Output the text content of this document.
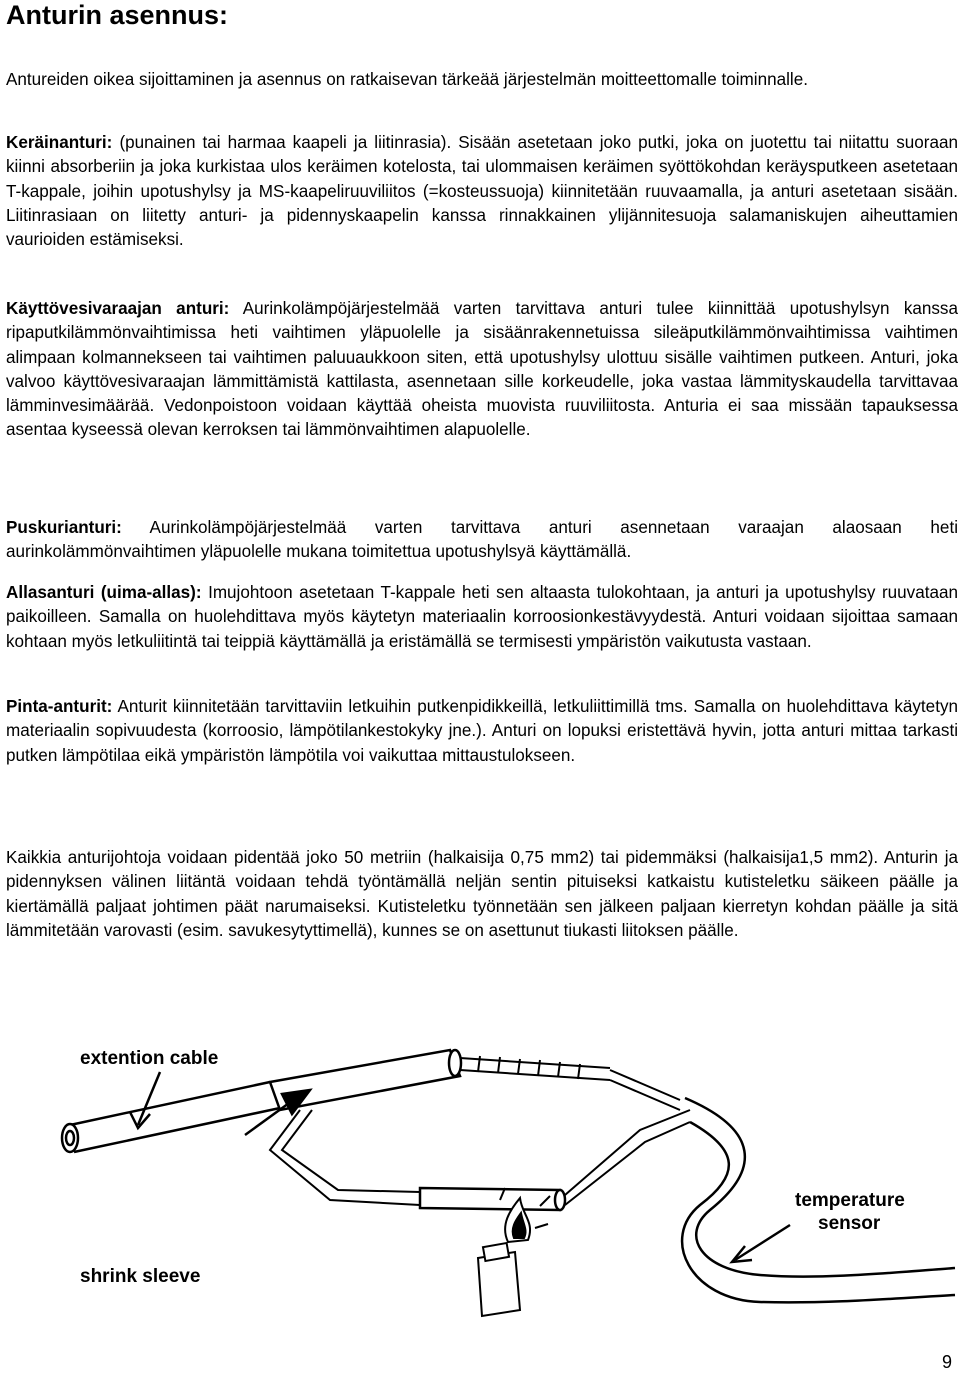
Anturin asennus:

Antureiden oikea sijoittaminen ja asennus on ratkaisevan tärkeää järjestelmän moitteettomalle toiminnalle.

Keräinanturi: (punainen tai harmaa kaapeli ja liitinrasia). Sisään asetetaan joko putki, joka on juotettu tai niitattu suoraan kiinni absorberiin ja joka kurkistaa ulos keräimen kotelosta, tai ulommaisen keräimen syöttökohdan keräysputkeen asetetaan T-kappale, joihin upotushylsy ja MS-kaapeliruuviliitos (=kosteussuoja) kiinnitetään ruuvaamalla, ja anturi asetetaan sisään. Liitinrasiaan on liitetty anturi- ja pidennyskaapelin kanssa rinnakkainen ylijännitesuoja salamaniskujen aiheuttamien vaurioiden estämiseksi.

Käyttövesivaraajan anturi: Aurinkolämpöjärjestelmää varten tarvittava anturi tulee kiinnittää upotushylsyn kanssa ripaputkilämmönvaihtimissa heti vaihtimen yläpuolelle ja sisäänrakennetuissa sileäputkilämmönvaihtimissa vaihtimen alimpaan kolmannekseen tai vaihtimen paluuaukkoon siten, että upotushylsy ulottuu sisälle vaihtimen putkeen. Anturi, joka valvoo käyttövesivaraajan lämmittämistä kattilasta, asennetaan sille korkeudelle, joka vastaa lämmityskaudella tarvittavaa lämminvesimäärää. Vedonpoistoon voidaan käyttää oheista muovista ruuviliitosta. Anturia ei saa missään tapauksessa asentaa kyseessä olevan kerroksen tai lämmönvaihtimen alapuolelle.

Puskurianturi: Aurinkolämpöjärjestelmää varten tarvittava anturi asennetaan varaajan alaosaan heti aurinkolämmönvaihtimen yläpuolelle mukana toimitettua upotushylsyä käyttämällä.

Allasanturi (uima-allas): Imujohtoon asetetaan T-kappale heti sen altaasta tulokohtaan, ja anturi ja upotushylsy ruuvataan paikoilleen. Samalla on huolehdittava myös käytetyn materiaalin korroosionkestävyydestä. Anturi voidaan sijoittaa samaan kohtaan myös letkuliitintä tai teippiä käyttämällä ja eristämällä se termisesti ympäristön vaikutusta vastaan.

Pinta-anturit: Anturit kiinnitetään tarvittaviin letkuihin putkenpidikkeillä, letkuliittimillä tms. Samalla on huolehdittava käytetyn materiaalin sopivuudesta (korroosio, lämpötilankestokyky jne.). Anturi on lopuksi eristettävä hyvin, jotta anturi mittaa tarkasti putken lämpötilaa eikä ympäristön lämpötila voi vaikuttaa mittaustulokseen.

Kaikkia anturijohtoja voidaan pidentää joko 50 metriin (halkaisija 0,75 mm2) tai pidemmäksi (halkaisija1,5 mm2). Anturin ja pidennyksen välinen liitäntä voidaan tehdä työntämällä neljän sentin pituiseksi katkaistu kutisteletku säikeen päälle ja kiertämällä paljaat johtimen päät narumaiseksi. Kutisteletku työnnetään sen jälkeen paljaan kierretyn kohdan päälle ja sitä lämmitetään varovasti (esim. savukesytyttimellä), kunnes se on asettunut tiukasti liitoksen päälle.

extention cable
temperature
sensor
shrink sleeve
9
